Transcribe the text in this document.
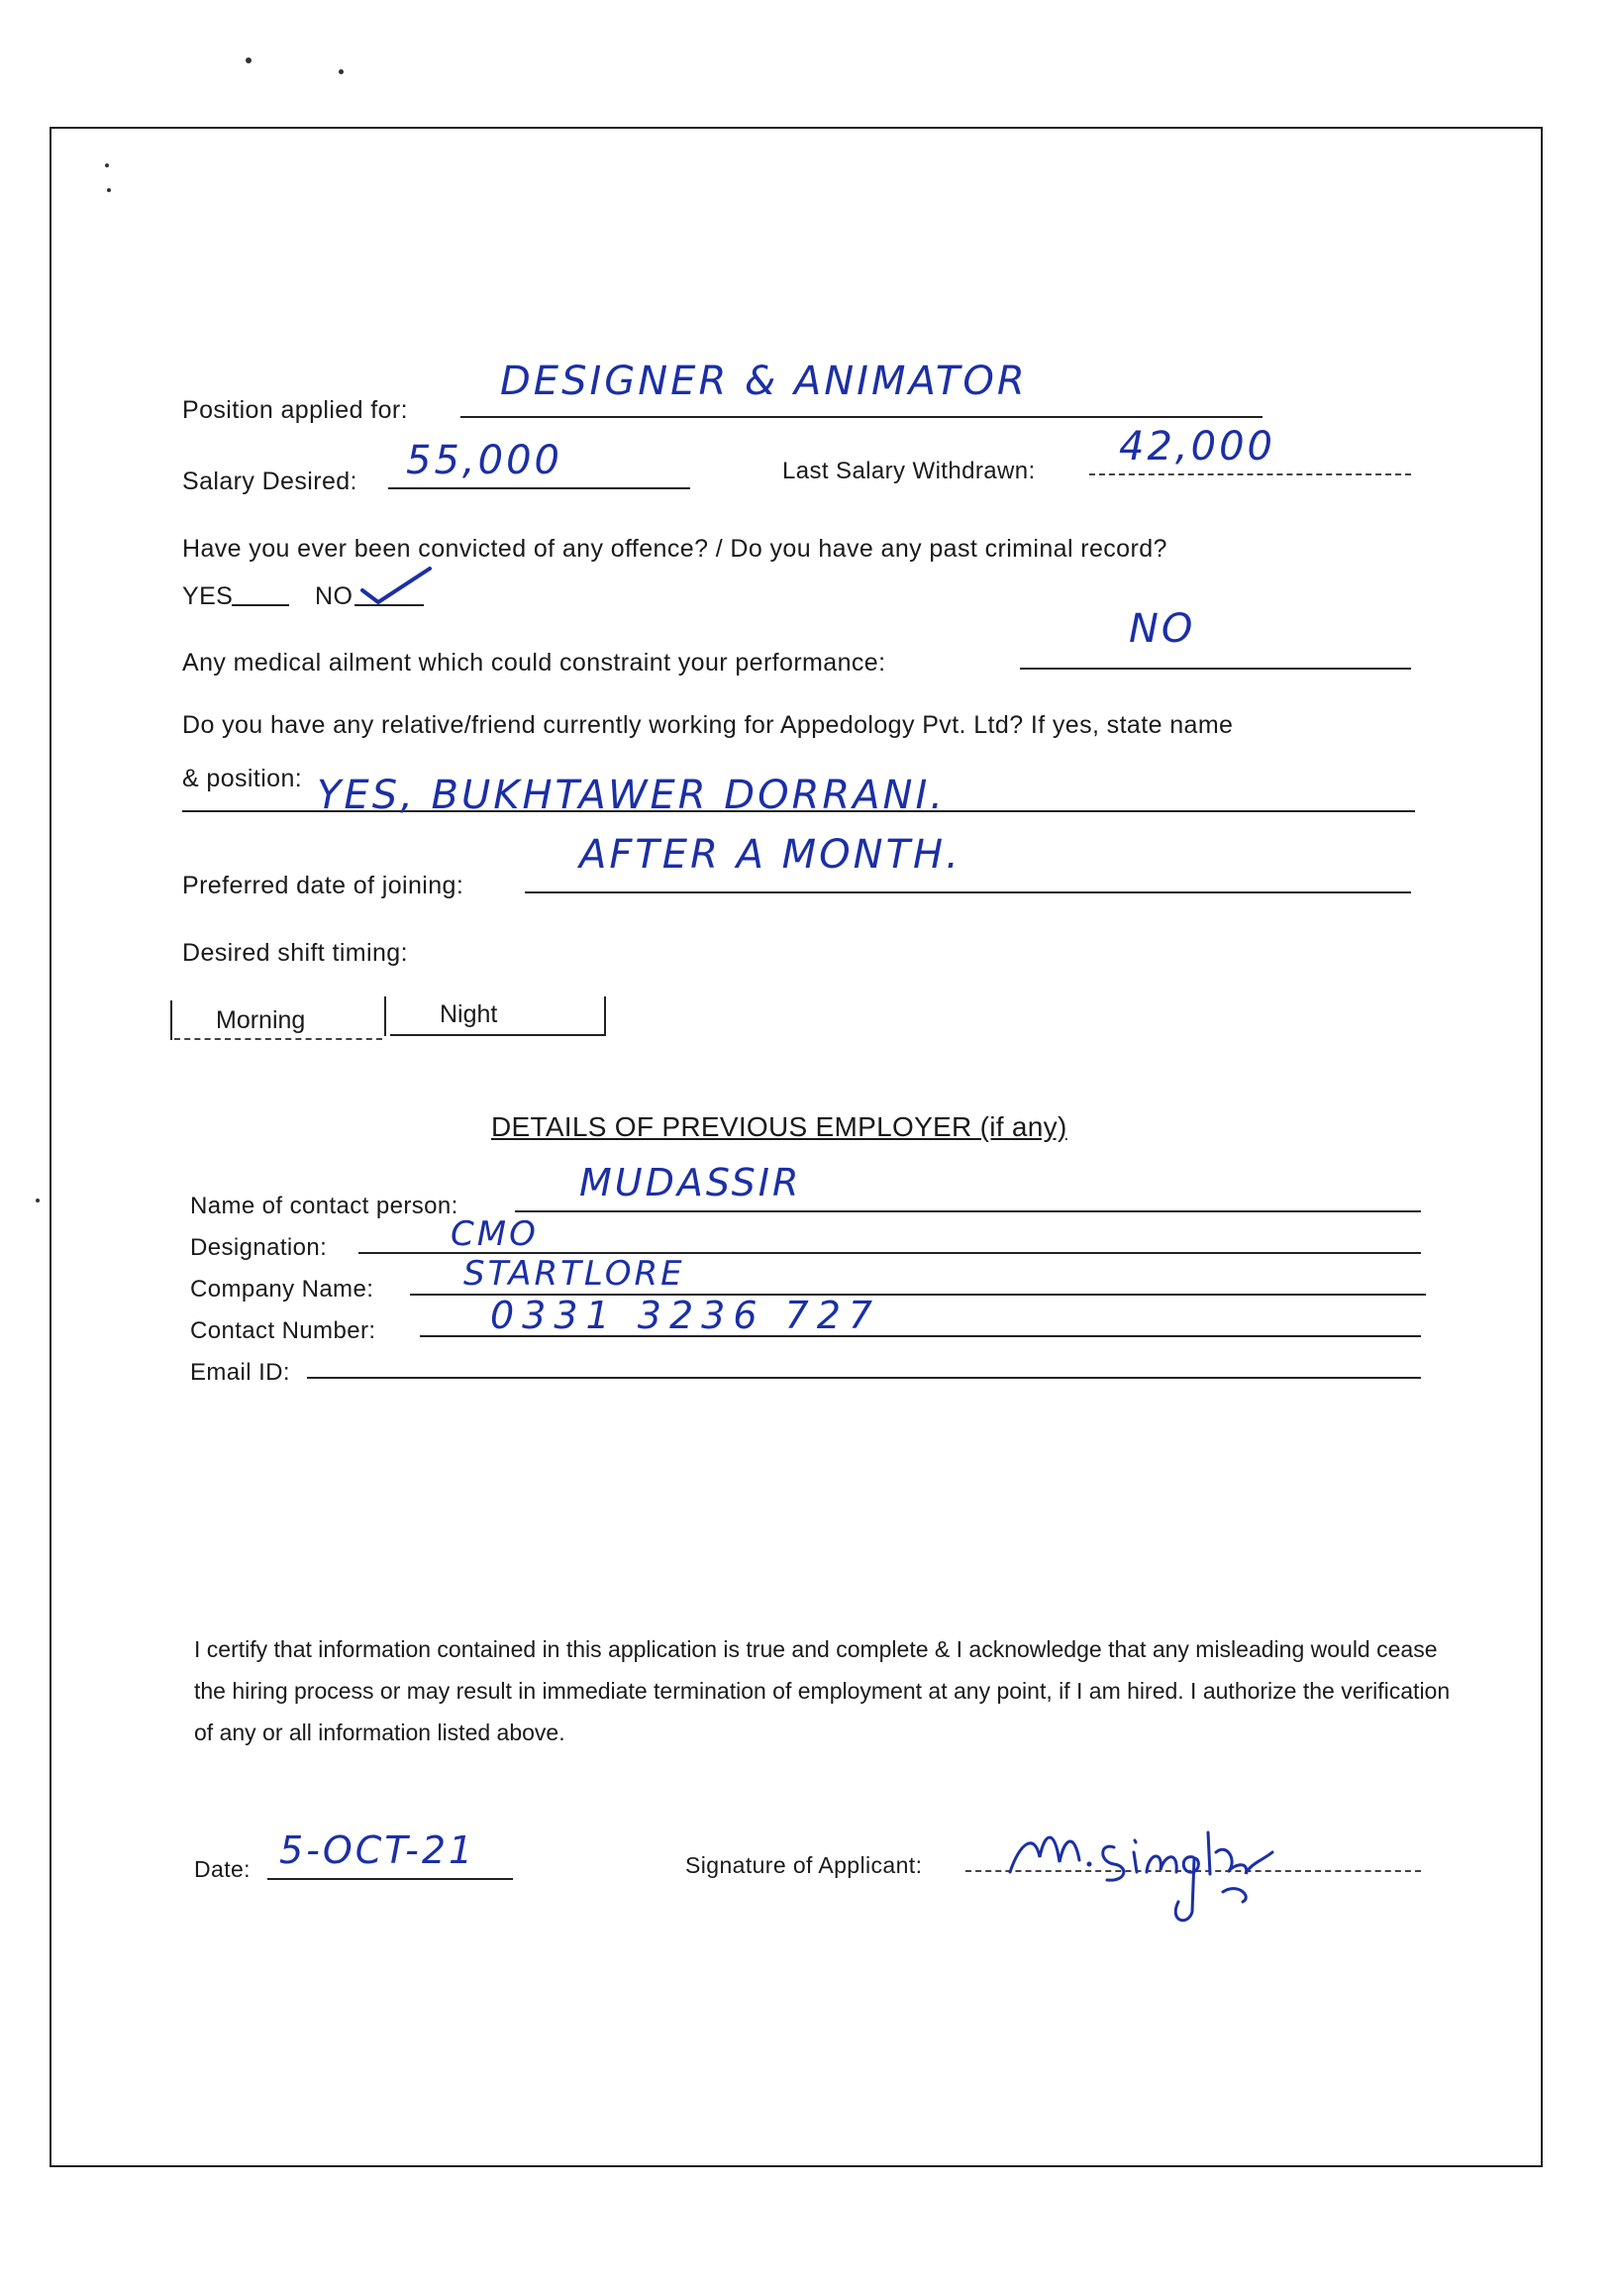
Position applied for:
DESIGNER & ANIMATOR
Salary Desired: 55,000	Last Salary Withdrawn:
42,000
Have you ever been convicted of any offence? / Do you have any past criminal record?
YES	NO
Any medical ailment which could constraint your performance:
NO
Do you have any relative/friend currently working for Appedology Pvt. Ltd? If yes, state name
& position: YES, BUKHTAWER DORRANI.
Preferred date of joining:
AFTER A MONTH.
Desired shift timing:
Morning	Night
DETAILS OF PREVIOUS EMPLOYER (if any)
Name of contact person:
MUDASSIR
Designation:	CMO
Company Name:	STARTLORE
Contact Number:	0331 3236 727
Email ID:
I certify that information contained in this application is true and complete & I acknowledge that any misleading would cease the hiring process or may result in immediate termination of employment at any point, if I am hired. I authorize the verification of any or all information listed above.
Date: 5-OCT-21	Signature of Applicant:
